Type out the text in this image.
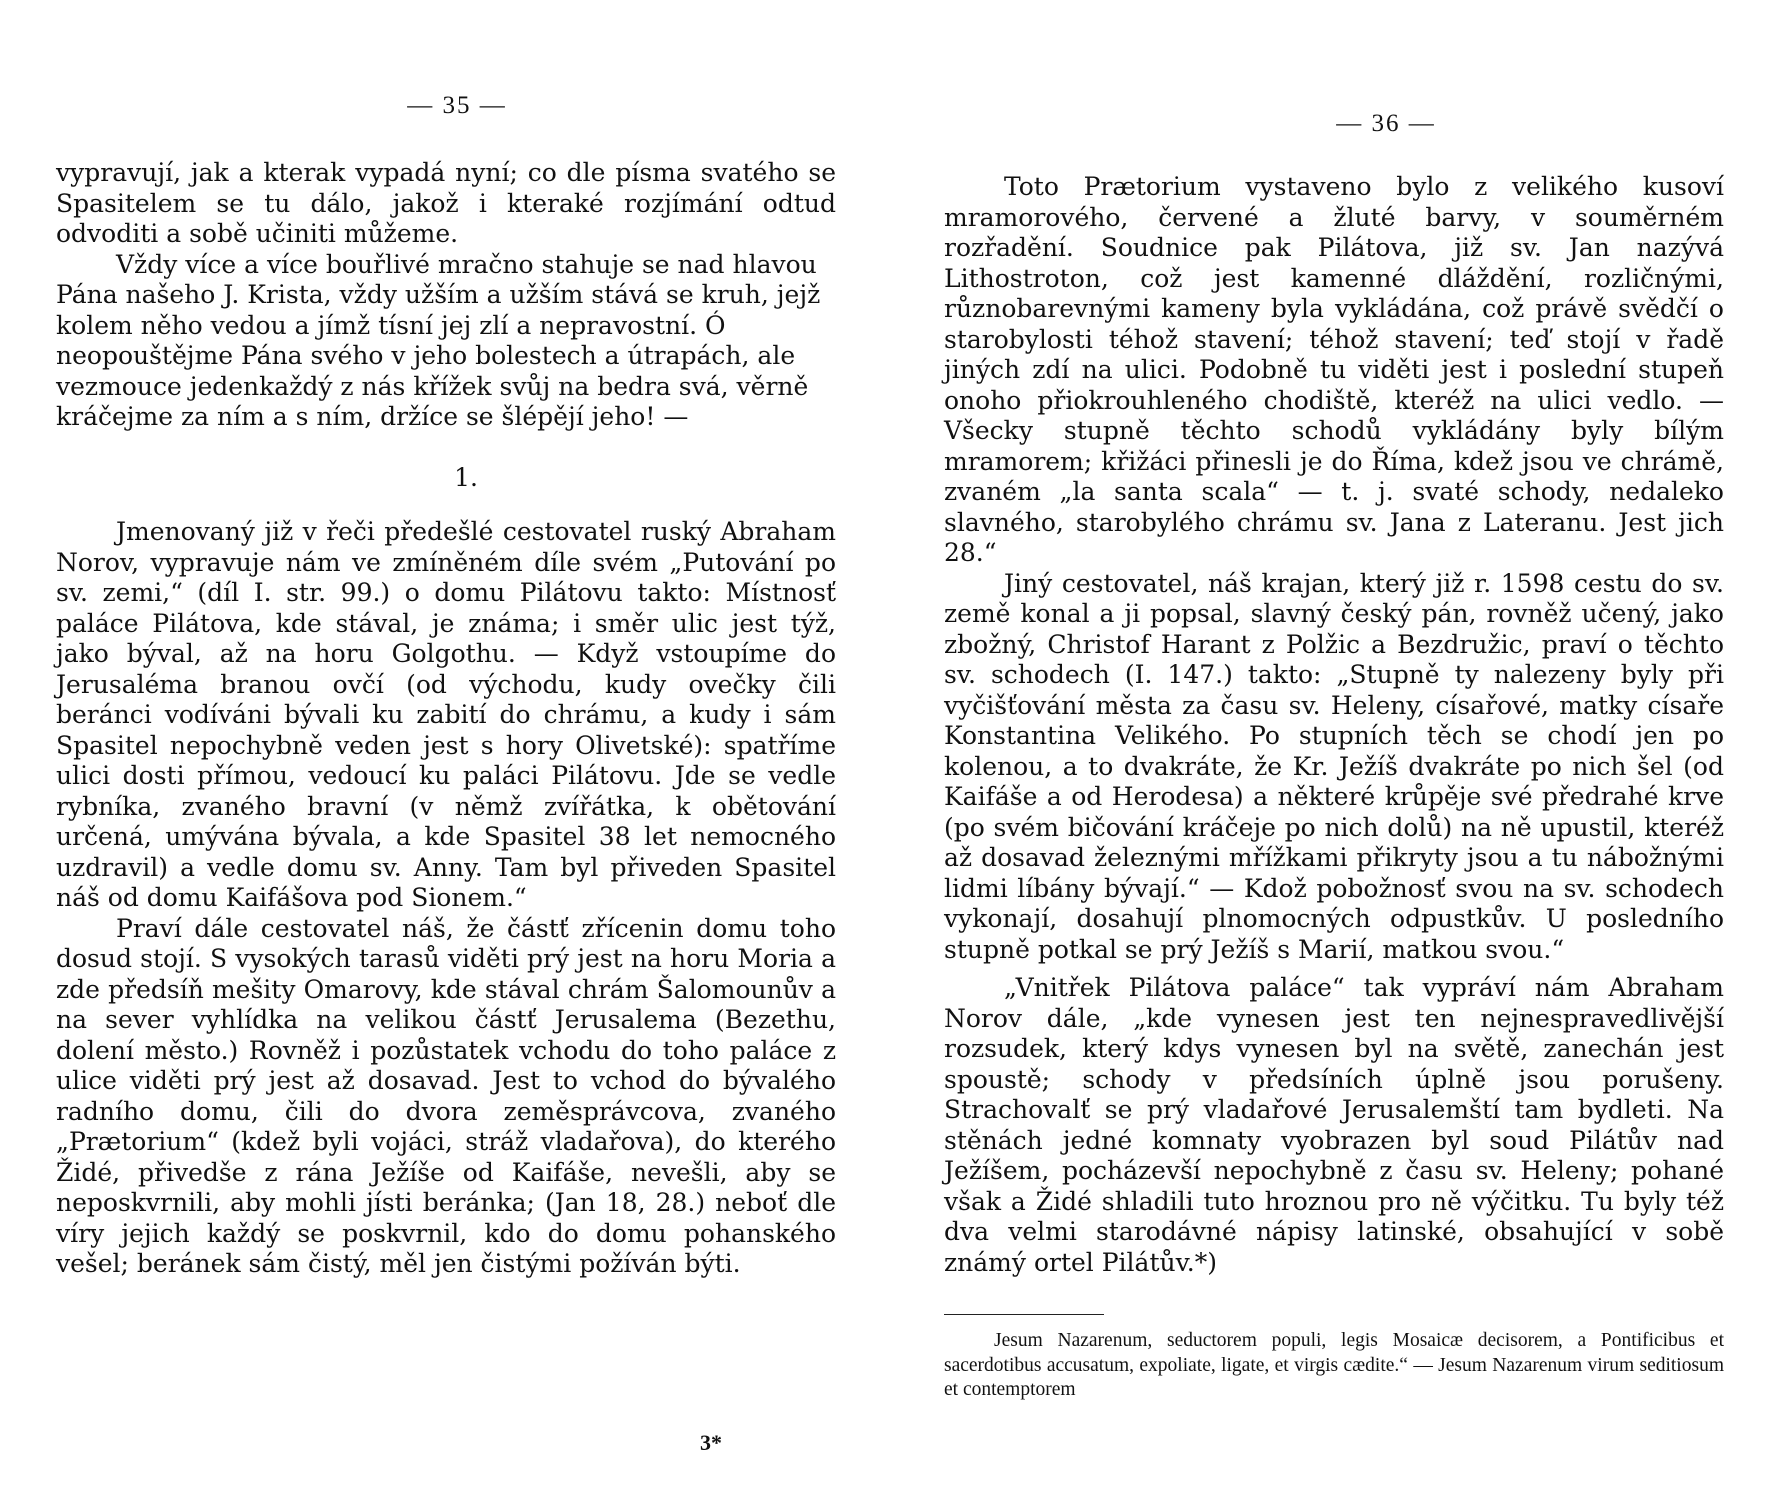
— 35 —

vypravují, jak a kterak vypadá nyní; co dle písma svatého se Spasitelem se tu dálo, jakož i kteraké rozjímání odtud odvoditi a sobě učiniti můžeme.

Vždy více a více bouřlivé mračno stahuje se nad hlavou Pána našeho J. Krista, vždy užším a užším stává se kruh, jejž kolem něho vedou a jímž tísní jej zlí a nepravostní. Ó neopouštějme Pána svého v jeho bolestech a útrapách, ale vezmouce jedenkaždý z nás křížek svůj na bedra svá, věrně kráčejme za ním a s ním, držíce se šlépějí jeho! —

1.

Jmenovaný již v řeči předešlé cestovatel ruský Abraham Norov, vypravuje nám ve zmíněném díle svém „Putování po sv. zemi,“ (díl I. str. 99.) o domu Pilátovu takto: Místnosť paláce Pilátova, kde stával, je známa; i směr ulic jest týž, jako býval, až na horu Golgothu. — Když vstoupíme do Jerusaléma branou ovčí (od východu, kudy ovečky čili beránci vodíváni bývali ku zabití do chrámu, a kudy i sám Spasitel nepochybně veden jest s hory Olivetské): spatříme ulici dosti přímou, vedoucí ku paláci Pilátovu. Jde se vedle rybníka, zvaného bravní (v němž zvířátka, k obětování určená, umývána bývala, a kde Spasitel 38 let nemocného uzdravil) a vedle domu sv. Anny. Tam byl přiveden Spasitel náš od domu Kaifášova pod Sionem.“

Praví dále cestovatel náš, že částť zřícenin domu toho dosud stojí. S vysokých tarasů viděti prý jest na horu Moria a zde předsíň mešity Omarovy, kde stával chrám Šalomounův a na sever vyhlídka na velikou částť Jerusalema (Bezethu, dolení město.) Rovněž i pozůstatek vchodu do toho paláce z ulice viděti prý jest až dosavad. Jest to vchod do bývalého radního domu, čili do dvora zeměsprávcova, zvaného „Prætorium“ (kdež byli vojáci, stráž vladařova), do kterého Židé, přivedše z rána Ježíše od Kaifáše, nevešli, aby se neposkvrnili, aby mohli jísti beránka; (Jan 18, 28.) neboť dle víry jejich každý se poskvrnil, kdo do domu pohanského vešel; beránek sám čistý, měl jen čistými požíván býti.

3*
— 36 —

Toto Prætorium vystaveno bylo z velikého kusoví mramorového, červené a žluté barvy, v souměrném rozřadění. Soudnice pak Pilátova, již sv. Jan nazývá Lithostroton, což jest kamenné dláždění, rozličnými, různobarevnými kameny byla vykládána, což právě svědčí o starobylosti téhož stavení; téhož stavení; teď stojí v řadě jiných zdí na ulici. Podobně tu viděti jest i poslední stupeň onoho přiokrouhleného chodiště, kteréž na ulici vedlo. — Všecky stupně těchto schodů vykládány byly bílým mramorem; křižáci přinesli je do Říma, kdež jsou ve chrámě, zvaném „la santa scala“ — t. j. svaté schody, nedaleko slavného, starobylého chrámu sv. Jana z Lateranu. Jest jich 28.“

Jiný cestovatel, náš krajan, který již r. 1598 cestu do sv. země konal a ji popsal, slavný český pán, rovněž učený, jako zbožný, Christof Harant z Polžic a Bezdružic, praví o těchto sv. schodech (I. 147.) takto: „Stupně ty nalezeny byly při vyčišťování města za času sv. Heleny, císařové, matky císaře Konstantina Velikého. Po stupních těch se chodí jen po kolenou, a to dvakráte, že Kr. Ježíš dvakráte po nich šel (od Kaifáše a od Herodesa) a některé krůpěje své předrahé krve (po svém bičování kráčeje po nich dolů) na ně upustil, kteréž až dosavad železnými mřížkami přikryty jsou a tu nábožnými lidmi líbány bývají.“ — Kdož pobožnosť svou na sv. schodech vykonají, dosahují plnomocných odpustkův. U posledního stupně potkal se prý Ježíš s Marií, matkou svou.“

„Vnitřek Pilátova paláce“ tak vypráví nám Abraham Norov dále, „kde vynesen jest ten nejnespravedlivější rozsudek, který kdys vynesen byl na světě, zanechán jest spoustě; schody v předsíních úplně jsou porušeny. Strachovalť se prý vladařové Jerusalemští tam bydleti. Na stěnách jedné komnaty vyobrazen byl soud Pilátův nad Ježíšem, pocházevší nepochybně z času sv. Heleny; pohané však a Židé shladili tuto hroznou pro ně výčitku. Tu byly též dva velmi starodávné nápisy latinské, obsahující v sobě známý ortel Pilátův.*)

Jesum Nazarenum, seductorem populi, legis Mosaicæ decisorem, a Pontificibus et sacerdotibus accusatum, expoliate, ligate, et virgis cædite.“ — Jesum Nazarenum virum seditiosum et contemptorem
